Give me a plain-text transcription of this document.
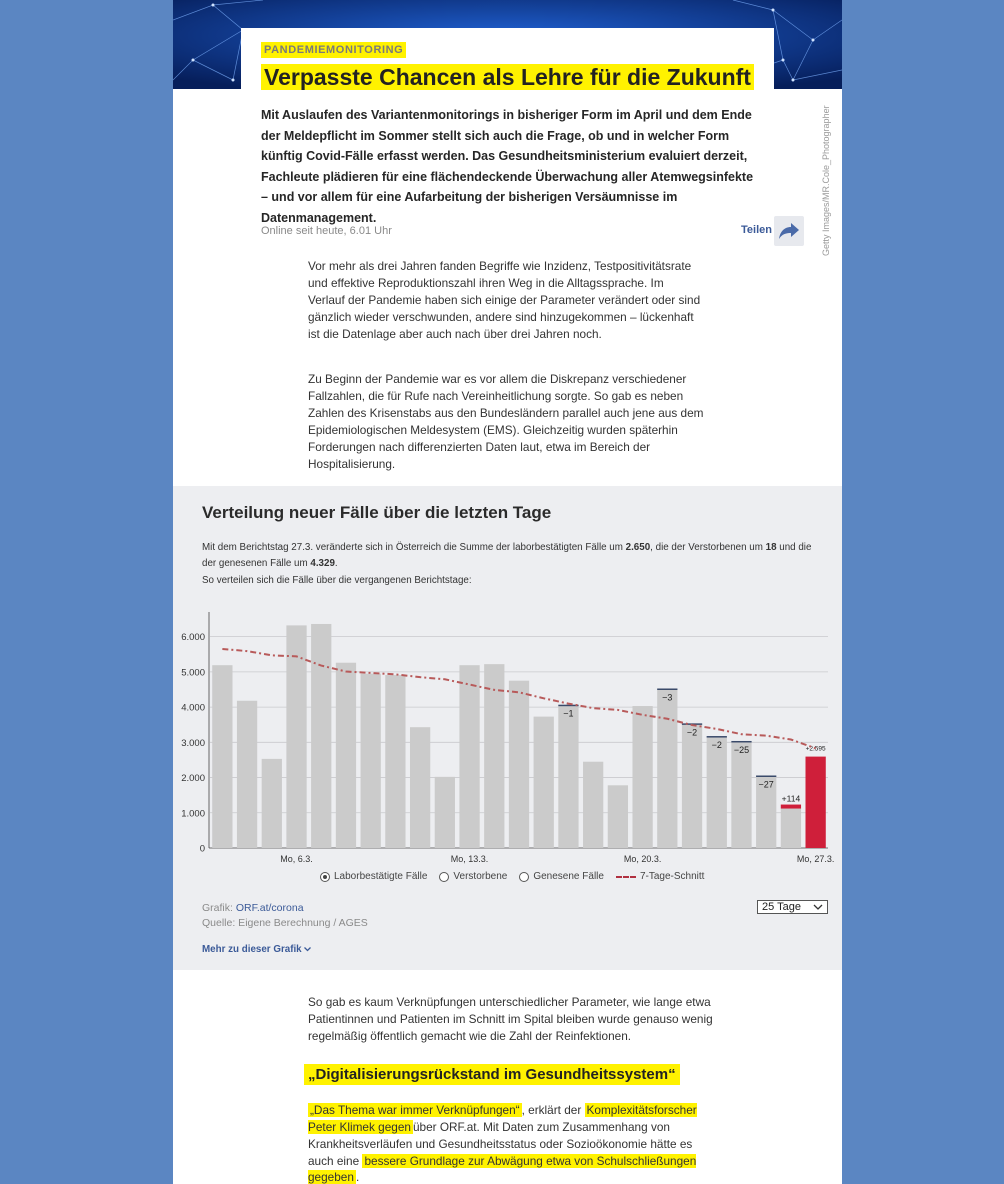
Getty Images/MR.Cole_Photographer
PANDEMIEMONITORING
Verpasste Chancen als Lehre für die Zukunft

Mit Auslaufen des Variantenmonitorings in bisheriger Form im April und dem Ende der Meldepflicht im Sommer stellt sich auch die Frage, ob und in welcher Form künftig Covid-Fälle erfasst werden. Das Gesundheitsministerium evaluiert derzeit, Fachleute plädieren für eine flächendeckende Überwachung aller Atemwegsinfekte – und vor allem für eine Aufarbeitung der bisherigen Versäumnisse im Datenmanagement.

Online seit heute, 6.01 Uhr	Teilen

Vor mehr als drei Jahren fanden Begriffe wie Inzidenz, Testpositivitätsrate und effektive Reproduktionszahl ihren Weg in die Alltagssprache. Im Verlauf der Pandemie haben sich einige der Parameter verändert oder sind gänzlich wieder verschwunden, andere sind hinzugekommen – lückenhaft ist die Datenlage aber auch nach über drei Jahren noch.

Zu Beginn der Pandemie war es vor allem die Diskrepanz verschiedener Fallzahlen, die für Rufe nach Vereinheitlichung sorgte. So gab es neben Zahlen des Krisenstabs aus den Bundesländern parallel auch jene aus dem Epidemiologischen Meldesystem (EMS). Gleichzeitig wurden späterhin Forderungen nach differenzierten Daten laut, etwa im Bereich der Hospitalisierung.

Verteilung neuer Fälle über die letzten Tage

Mit dem Berichtstag 27.3. veränderte sich in Österreich die Summe der laborbestätigten Fälle um 2.650, die der Verstorbenen um 18 und die der genesenen Fälle um 4.329.
So verteilen sich die Fälle über die vergangenen Berichtstage:

0
1.000
2.000
3.000
4.000
5.000
6.000
−1
−3
−2
−2 −25
−27
+114
+2.595
Mo, 6.3.	Mo, 13.3.	Mo, 20.3.	Mo, 27.3.
Laborbestätigte Fälle	Verstorbene	Genesene Fälle	7-Tage-Schnitt
Grafik: ORF.at/corona
Quelle: Eigene Berechnung / AGES
25 Tage
Mehr zu dieser Grafik

So gab es kaum Verknüpfungen unterschiedlicher Parameter, wie lange etwa Patientinnen und Patienten im Schnitt im Spital bleiben wurde genauso wenig regelmäßig öffentlich gemacht wie die Zahl der Reinfektionen.

„Digitalisierungsrückstand im Gesundheitssystem“

„Das Thema war immer Verknüpfungen“ , erklärt der Komplexitätsforscher Peter Klimek gegen über ORF.at. Mit Daten zum Zusammenhang von Krankheitsverläufen und Gesundheitsstatus oder Sozioökonomie hätte es auch eine bessere Grundlage zur Abwägung etwa von Schulschließungen gegeben .
